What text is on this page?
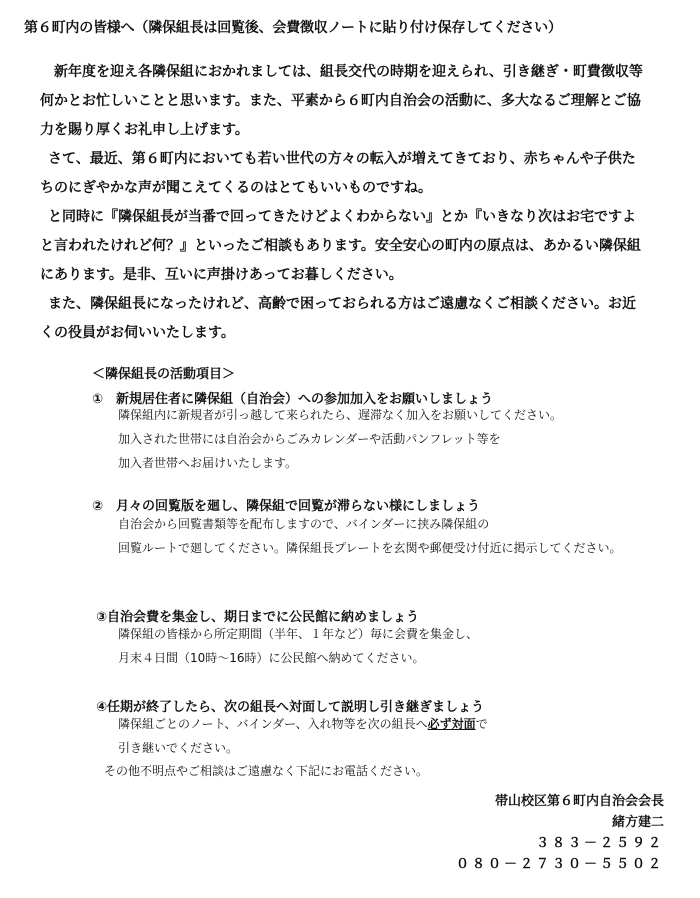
第６町内の皆様へ（隣保組長は回覧後、会費徴収ノートに貼り付け保存してください）
　新年度を迎え各隣保組におかれましては、組長交代の時期を迎えられ、引き継ぎ・町費徴収等
何かとお忙しいことと思います。また、平素から６町内自治会の活動に、多大なるご理解とご協
力を賜り厚くお礼申し上げます。
　さて、最近、第６町内においても若い世代の方々の転入が増えてきており、赤ちゃんや子供た
ちのにぎやかな声が聞こえてくるのはとてもいいものですね。
　と同時に『隣保組長が当番で回ってきたけどよくわからない』とか『いきなり次はお宅ですよ
と言われたけれど何？』といったご相談もあります。安全安心の町内の原点は、あかるい隣保組
にあります。是非、互いに声掛けあってお暮しください。
　また、隣保組長になったけれど、高齢で困っておられる方はご遠慮なくご相談ください。お近
くの役員がお伺いいたします。
＜隣保組長の活動項目＞
①　新規居住者に隣保組（自治会）への参加加入をお願いしましょう
隣保組内に新規者が引っ越して来られたら、遅滞なく加入をお願いしてください。
加入された世帯には自治会からごみカレンダーや活動パンフレット等を
加入者世帯へお届けいたします。
②　月々の回覧版を廻し、隣保組で回覧が滞らない様にしましょう
自治会から回覧書類等を配布しますので、バインダーに挟み隣保組の
回覧ルートで廻してください。隣保組長プレートを玄関や郵便受け付近に掲示してください。
③自治会費を集金し、期日までに公民館に納めましょう
隣保組の皆様から所定期間（半年、１年など）毎に会費を集金し、
月末４日間（10時～16時）に公民館へ納めてください。
④任期が終了したら、次の組長へ対面して説明し引き継ぎましょう
隣保組ごとのノート、バインダー、入れ物等を次の組長へ必ず対面で
引き継いでください。
その他不明点やご相談はご遠慮なく下記にお電話ください。
帯山校区第６町内自治会会長
緒方建二
３８３－２５９２
０８０－２７３０－５５０２
